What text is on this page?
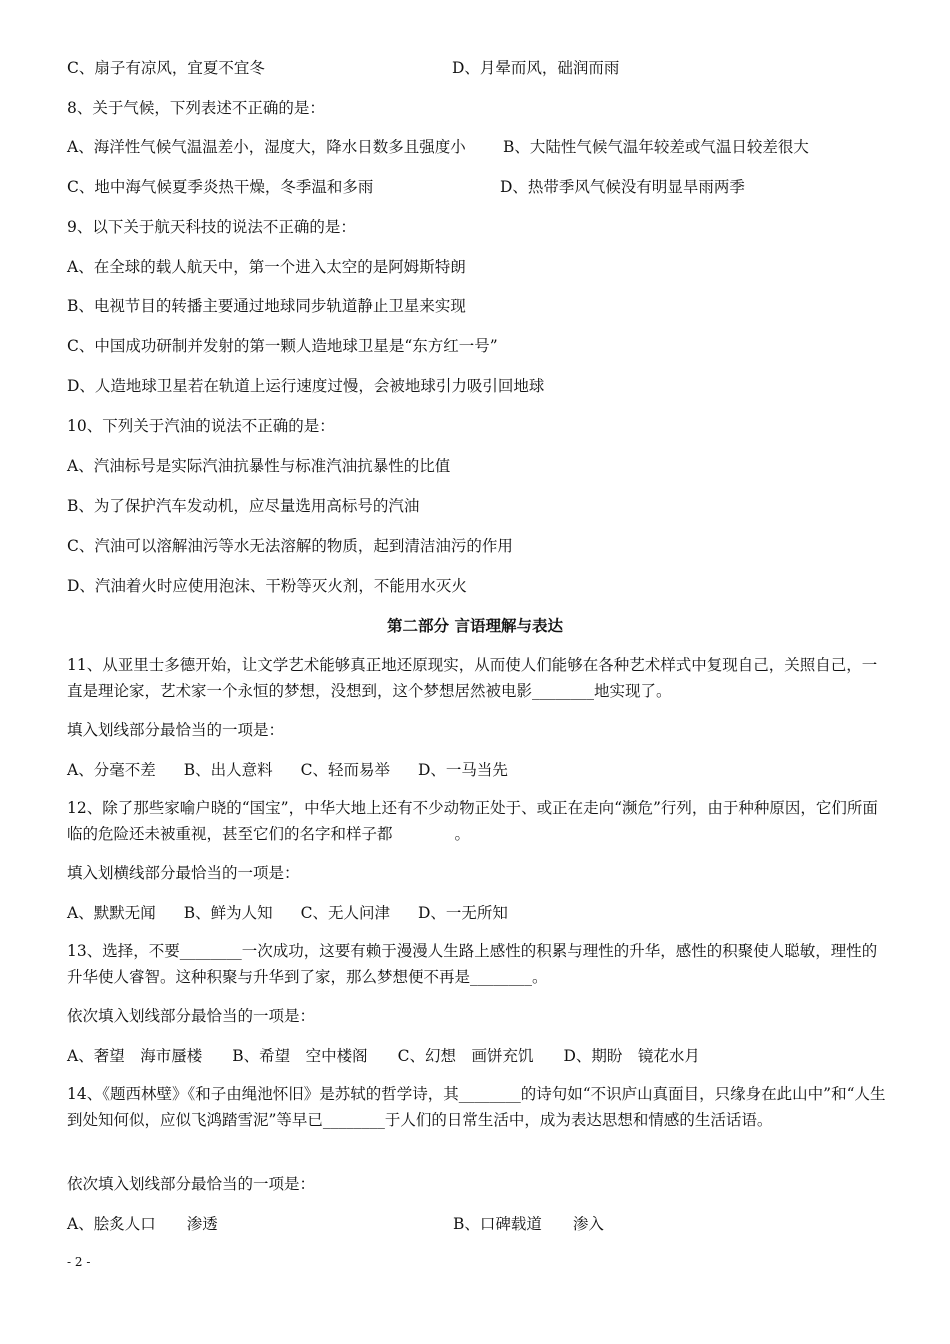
C、扇子有凉风，宜夏不宜冬	D、月晕而风，础润而雨
8、关于气候，下列表述不正确的是：
A、海洋性气候气温温差小，湿度大，降水日数多且强度小 B、大陆性气候气温年较差或气温日较差很大
C、地中海气候夏季炎热干燥，冬季温和多雨	D、热带季风气候没有明显旱雨两季
9、以下关于航天科技的说法不正确的是：
A、在全球的载人航天中，第一个进入太空的是阿姆斯特朗
B、电视节目的转播主要通过地球同步轨道静止卫星来实现
C、中国成功研制并发射的第一颗人造地球卫星是“东方红一号”
D、人造地球卫星若在轨道上运行速度过慢，会被地球引力吸引回地球
10、下列关于汽油的说法不正确的是：
A、汽油标号是实际汽油抗暴性与标准汽油抗暴性的比值
B、为了保护汽车发动机，应尽量选用高标号的汽油
C、汽油可以溶解油污等水无法溶解的物质，起到清洁油污的作用
D、汽油着火时应使用泡沫、干粉等灭火剂，不能用水灭火
第二部分 言语理解与表达
11、从亚里士多德开始，让文学艺术能够真正地还原现实，从而使人们能够在各种艺术样式中复现自己，关照自己，一直是理论家，艺术家一个永恒的梦想，没想到，这个梦想居然被电影________地实现了。
填入划线部分最恰当的一项是：
A、分毫不差 B、出人意料 C、轻而易举 D、一马当先
12、除了那些家喻户晓的“国宝”，中华大地上还有不少动物正处于、或正在走向“濒危”行列，由于种种原因，它们所面临的危险还未被重视，甚至它们的名字和样子都　　　　。
填入划横线部分最恰当的一项是：
A、默默无闻 B、鲜为人知 C、无人问津 D、一无所知
13、选择，不要________一次成功，这要有赖于漫漫人生路上感性的积累与理性的升华，感性的积聚使人聪敏，理性的升华使人睿智。这种积聚与升华到了家，那么梦想便不再是________。
依次填入划线部分最恰当的一项是：
A、奢望　海市蜃楼 B、希望　空中楼阁 C、幻想　画饼充饥 D、期盼　镜花水月
14、《题西林壁》《和子由绳池怀旧》是苏轼的哲学诗，其________的诗句如“不识庐山真面目，只缘身在此山中”和“人生到处知何似，应似飞鸿踏雪泥”等早已________于人们的日常生活中，成为表达思想和情感的生活话语。
依次填入划线部分最恰当的一项是：
A、脍炙人口　　渗透	B、口碑载道　　渗入
- 2 -
